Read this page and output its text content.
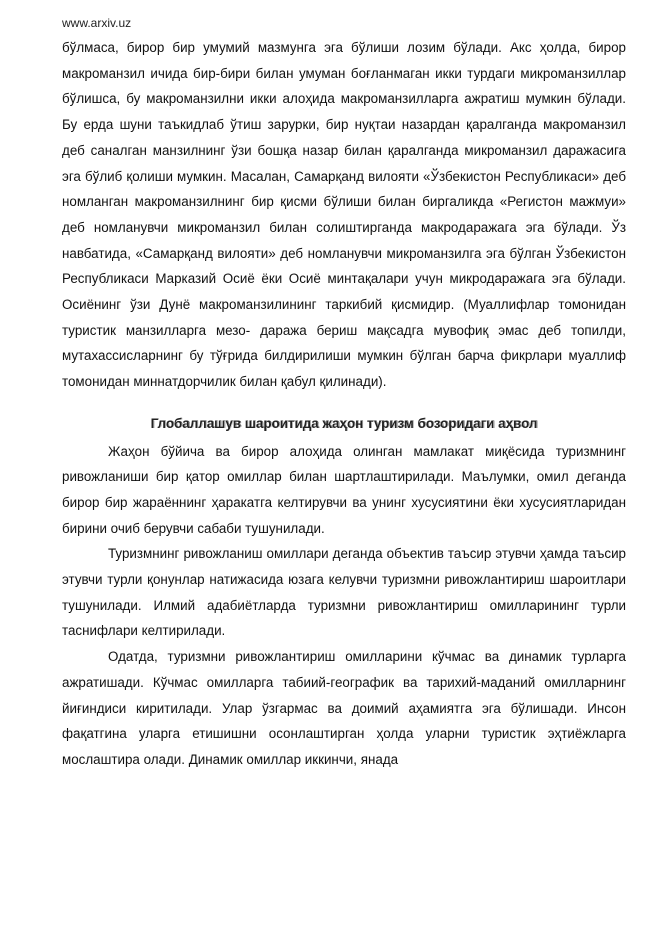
www.arxiv.uz

бўлмаса, бирор бир умумий мазмунга эга бўлиши лозим бўлади. Акс ҳолда, бирор макроманзил ичида бир-бири билан умуман боғланмаган икки турдаги микроманзиллар бўлишса, бу макроманзилни икки алоҳида макроманзилларга ажратиш мумкин бўлади. Бу ерда шуни таъкидлаб ўтиш зарурки, бир нуқтаи назардан қаралганда макроманзил деб саналган манзилнинг ўзи бошқа назар билан қаралганда микроманзил даражасига эга бўлиб қолиши мумкин. Масалан, Самарқанд вилояти «Ўзбекистон Республикаси» деб номланган макроманзилнинг бир қисми бўлиши билан биргаликда «Регистон мажмуи» деб номланувчи микроманзил билан солиштирганда макродаражага эга бўлади. Ўз навбатида, «Самарқанд вилояти» деб номланувчи микроманзилга эга бўлган Ўзбекистон Республикаси Марказий Осиё ёки Осиё минтақалари учун микродаражага эга бўлади. Осиёнинг ўзи Дунё макроманзилининг таркибий қисмидир. (Муаллифлар томонидан туристик манзилларга мезо- даража бериш мақсадга мувофиқ эмас деб топилди, мутахассисларнинг бу тўғрида билдирилиши мумкин бўлган барча фикрлари муаллиф томонидан миннатдорчилик билан қабул қилинади).

Глобаллашув шароитида жаҳон туризм бозоридаги аҳвол

Жаҳон бўйича ва бирор алоҳида олинган мамлакат миқёсида туризмнинг ривожланиши бир қатор омиллар билан шартлаштирилади. Маълумки, омил деганда бирор бир жараённинг ҳаракатга келтирувчи ва унинг хусусиятини ёки хусусиятларидан бирини очиб берувчи сабаби тушунилади.

Туризмнинг ривожланиш омиллари деганда объектив таъсир этувчи ҳамда таъсир этувчи турли қонунлар натижасида юзага келувчи туризмни ривожлантириш шароитлари тушунилади. Илмий адабиётларда туризмни ривожлантириш омилларининг турли таснифлари келтирилади.

Одатда, туризмни ривожлантириш омилларини кўчмас ва динамик турларга ажратишади. Кўчмас омилларга табиий-географик ва тарихий-маданий омилларнинг йиғиндиси киритилади. Улар ўзгармас ва доимий аҳамиятга эга бўлишади. Инсон фақатгина уларга етишишни осонлаштирган ҳолда уларни туристик эҳтиёжларга мослаштира олади. Динамик омиллар иккинчи, янада
